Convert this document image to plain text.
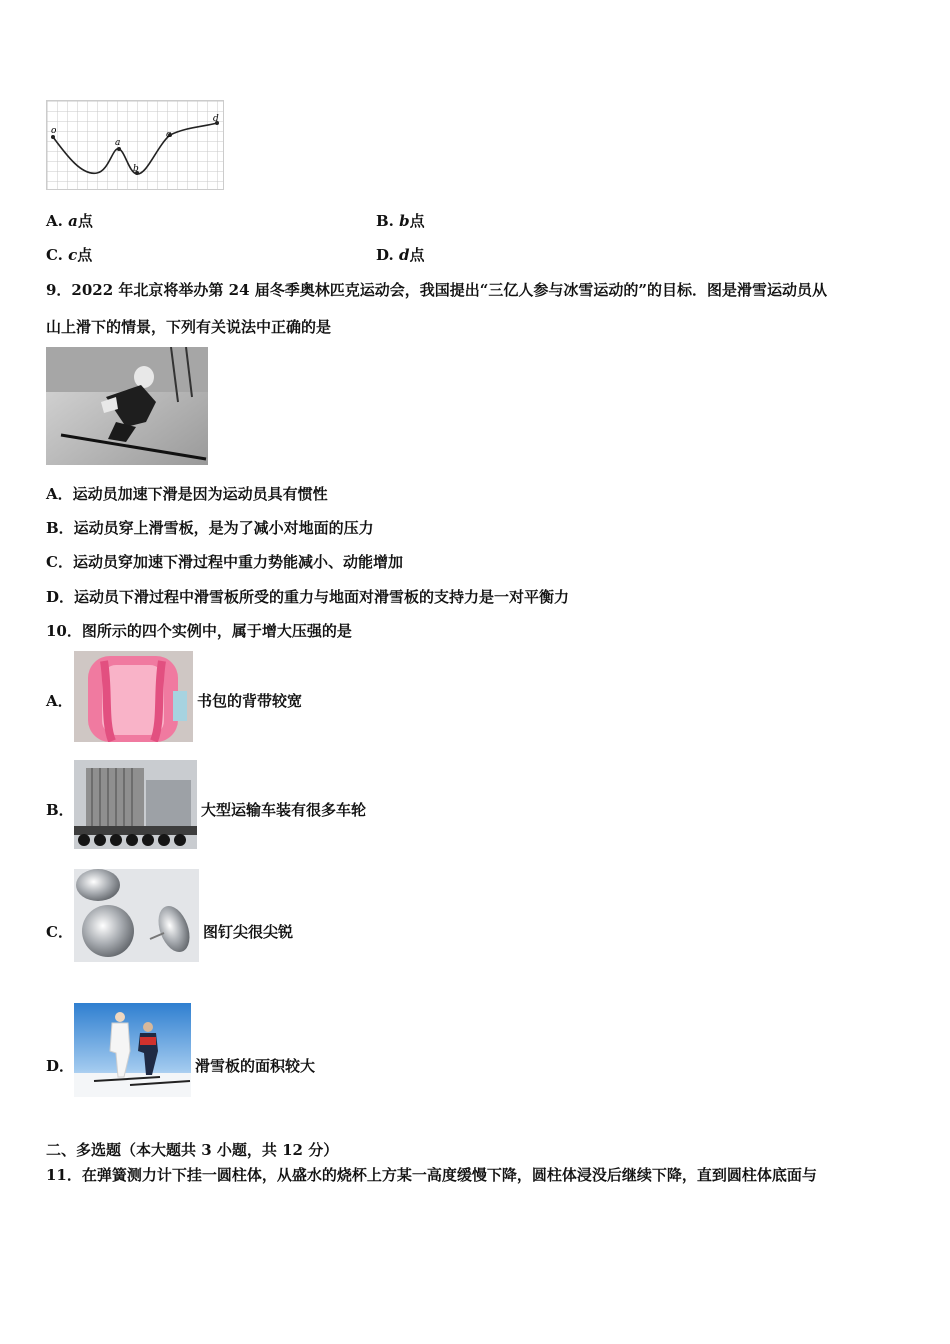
o
a
b
c
d
A. a点	B. b点
C. c点	D. d点
9．2022 年北京将举办第 24 届冬季奥林匹克运动会，我国提出“三亿人参与冰雪运动的”的目标．图是滑雪运动员从
山上滑下的情景，下列有关说法中正确的是
A．运动员加速下滑是因为运动员具有惯性
B．运动员穿上滑雪板，是为了减小对地面的压力
C．运动员穿加速下滑过程中重力势能减小、动能增加
D．运动员下滑过程中滑雪板所受的重力与地面对滑雪板的支持力是一对平衡力
10．图所示的四个实例中，属于增大压强的是
A．	书包的背带较宽
B．	大型运输车装有很多车轮
C．	图钉尖很尖锐
D．	滑雪板的面积较大
二、多选题（本大题共 3 小题，共 12 分）
11．在弹簧测力计下挂一圆柱体，从盛水的烧杯上方某一高度缓慢下降，圆柱体浸没后继续下降，直到圆柱体底面与
